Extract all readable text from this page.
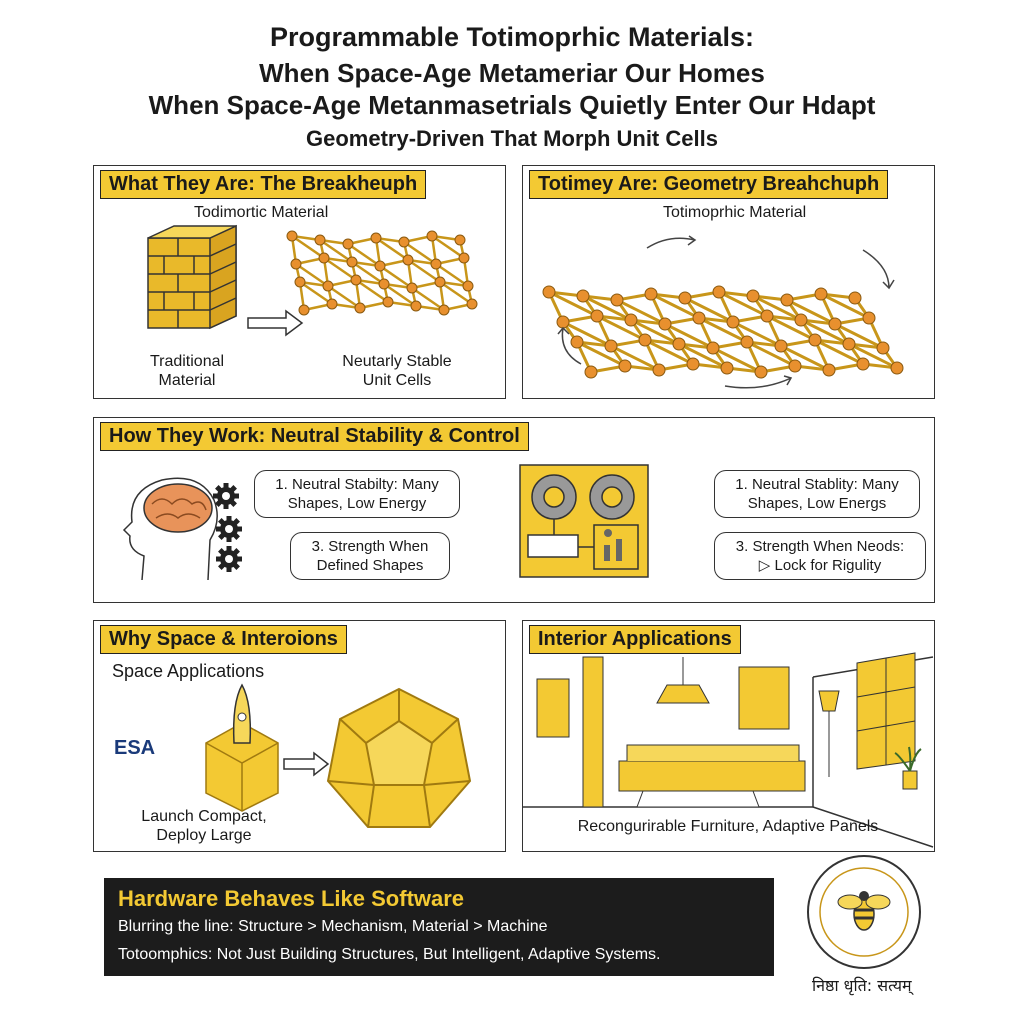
Programmable Totimoprhic Materials:
When Space-Age Metameriar Our Homes
When Space-Age Metanmasetrials Quietly Enter Our Hdapt
Geometry-Driven That Morph Unit Cells
What They Are: The Breakheuph
Todimortic Material
Traditional
Material
Neutarly Stable
Unit Cells
Totimey Are: Geometry Breahchuph
Totimoprhic Material
How They Work: Neutral Stability & Control
1. Neutral Stabilty: Many
Shapes, Low Energy
3. Strength When
Defined Shapes
1. Neutral Stablity: Many
Shapes, Low Energs
3. Strength When Neods:
▷ Lock for Rigulity
Why Space & Interoions
Space Applications
ESA
Launch Compact,
Deploy Large
Interior Applications
Recongurirable Furniture, Adaptive Panels
Hardware Behaves Like Software
Blurring the line: Structure > Mechanism, Material > Machine
Totoomphics: Not Just Building Structures, But Intelligent, Adaptive Systems.
निष्ठा धृति: सत्यम्
